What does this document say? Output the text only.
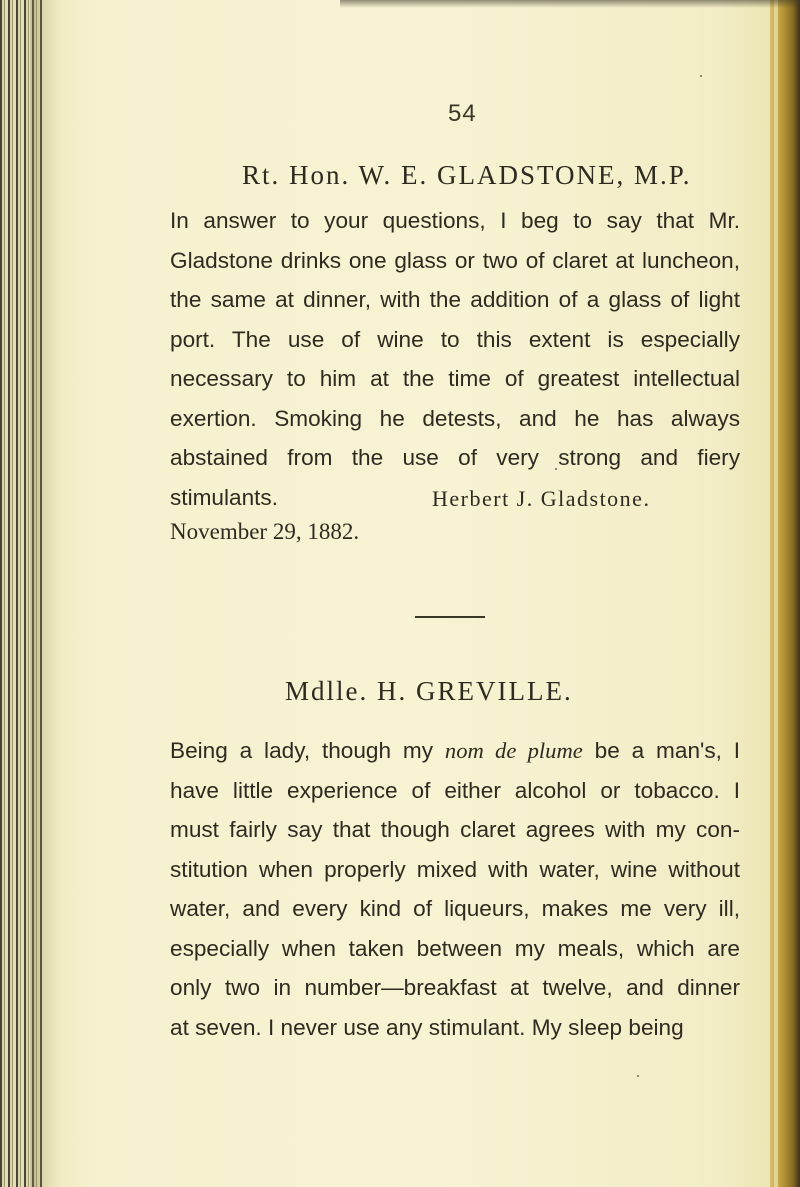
54
Rt. Hon. W. E. GLADSTONE, M.P.
In answer to your questions, I beg to say that Mr.
Gladstone drinks one glass or two of claret at luncheon,
the same at dinner, with the addition of a glass of light
port. The use of wine to this extent is especially
necessary to him at the time of greatest intellectual
exertion. Smoking he detests, and he has always
abstained from the use of very strong and fiery
stimulants.	Herbert J. Gladstone.
November 29, 1882.
Mdlle. H. GREVILLE.
Being a lady, though my nom de plume be a man's, I
have little experience of either alcohol or tobacco. I
must fairly say that though claret agrees with my con-
stitution when properly mixed with water, wine without
water, and every kind of liqueurs, makes me very ill,
especially when taken between my meals, which are
only two in number—breakfast at twelve, and dinner
at seven. I never use any stimulant. My sleep being
